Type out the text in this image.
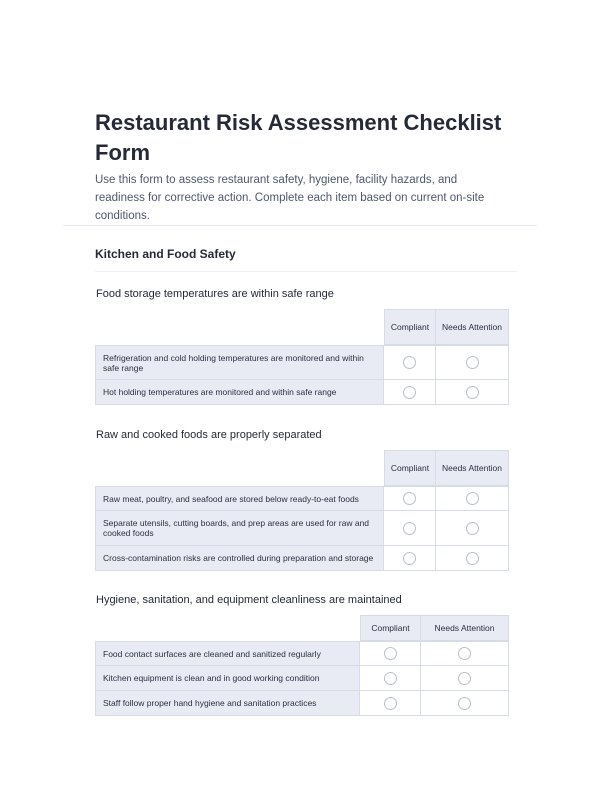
Restaurant Risk Assessment Checklist Form

Use this form to assess restaurant safety, hygiene, facility hazards, and readiness for corrective action. Complete each item based on current on-site conditions.

Kitchen and Food Safety
Food storage temperatures are within safe range
	Compliant	Needs Attention
Refrigeration and cold holding temperatures are monitored and within safe range		
Hot holding temperatures are monitored and within safe range		
Raw and cooked foods are properly separated
	Compliant	Needs Attention
Raw meat, poultry, and seafood are stored below ready-to-eat foods		
Separate utensils, cutting boards, and prep areas are used for raw and cooked foods		
Cross-contamination risks are controlled during preparation and storage		
Hygiene, sanitation, and equipment cleanliness are maintained
	Compliant	Needs Attention
Food contact surfaces are cleaned and sanitized regularly		
Kitchen equipment is clean and in good working condition		
Staff follow proper hand hygiene and sanitation practices		
